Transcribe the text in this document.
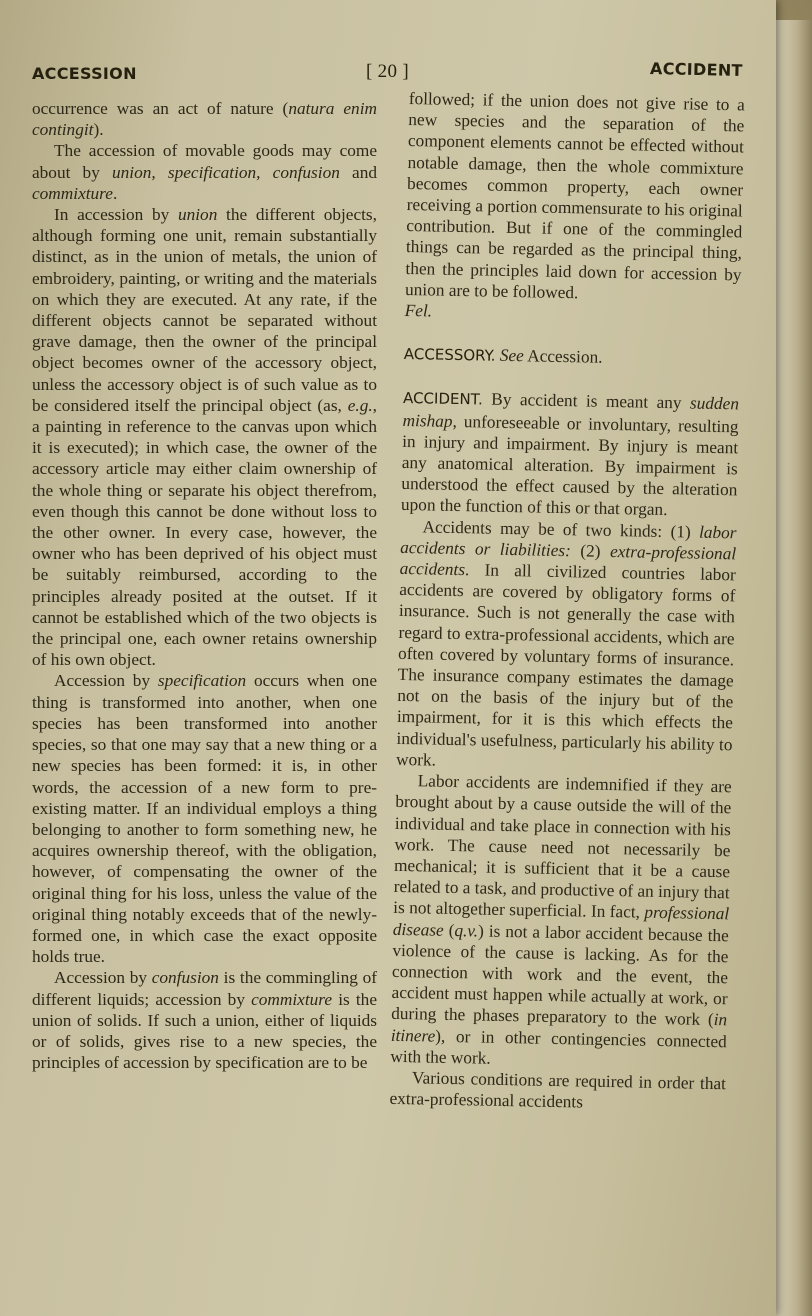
ACCESSION	[ 20 ]	ACCIDENT

occurrence was an act of nature (natura enim contingit).

The accession of movable goods may come about by union, specification, confusion and commixture.

In accession by union the different objects, although forming one unit, remain substantially distinct, as in the union of metals, the union of embroidery, painting, or writing and the materials on which they are executed. At any rate, if the different objects cannot be separated without grave damage, then the owner of the principal object becomes owner of the accessory object, unless the accessory object is of such value as to be considered itself the principal object (as, e.g., a painting in reference to the canvas upon which it is executed); in which case, the owner of the accessory article may either claim ownership of the whole thing or separate his object therefrom, even though this cannot be done without loss to the other owner. In every case, however, the owner who has been deprived of his object must be suitably reimbursed, according to the principles already posited at the outset. If it cannot be established which of the two objects is the principal one, each owner retains ownership of his own object.

Accession by specification occurs when one thing is transformed into another, when one species has been transformed into another species, so that one may say that a new thing or a new species has been formed: it is, in other words, the accession of a new form to pre-existing matter. If an individual employs a thing belonging to another to form something new, he acquires ownership thereof, with the obligation, however, of compensating the owner of the original thing for his loss, unless the value of the original thing notably exceeds that of the newly-formed one, in which case the exact opposite holds true.

Accession by confusion is the commingling of different liquids; accession by commixture is the union of solids. If such a union, either of liquids or of solids, gives rise to a new species, the principles of accession by specification are to be

followed; if the union does not give rise to a new species and the separation of the component elements cannot be effected without notable damage, then the whole commixture becomes common property, each owner receiving a portion commensurate to his original contribution. But if one of the commingled things can be regarded as the principal thing, then the principles laid down for accession by union are to be followed.

Fel.

ACCESSORY. See Accession.

ACCIDENT. By accident is meant any sudden mishap, unforeseeable or involuntary, resulting in injury and impairment. By injury is meant any anatomical alteration. By impairment is understood the effect caused by the alteration upon the function of this or that organ.

Accidents may be of two kinds: (1) labor accidents or liabilities: (2) extra-professional accidents. In all civilized countries labor accidents are covered by obligatory forms of insurance. Such is not generally the case with regard to extra-professional accidents, which are often covered by voluntary forms of insurance. The insurance company estimates the damage not on the basis of the injury but of the impairment, for it is this which effects the individual's usefulness, particularly his ability to work.

Labor accidents are indemnified if they are brought about by a cause outside the will of the individual and take place in connection with his work. The cause need not necessarily be mechanical; it is sufficient that it be a cause related to a task, and productive of an injury that is not altogether superficial. In fact, professional disease (q.v.) is not a labor accident because the violence of the cause is lacking. As for the connection with work and the event, the accident must happen while actually at work, or during the phases preparatory to the work (in itinere), or in other contingencies connected with the work.

Various conditions are required in order that extra-professional accidents
